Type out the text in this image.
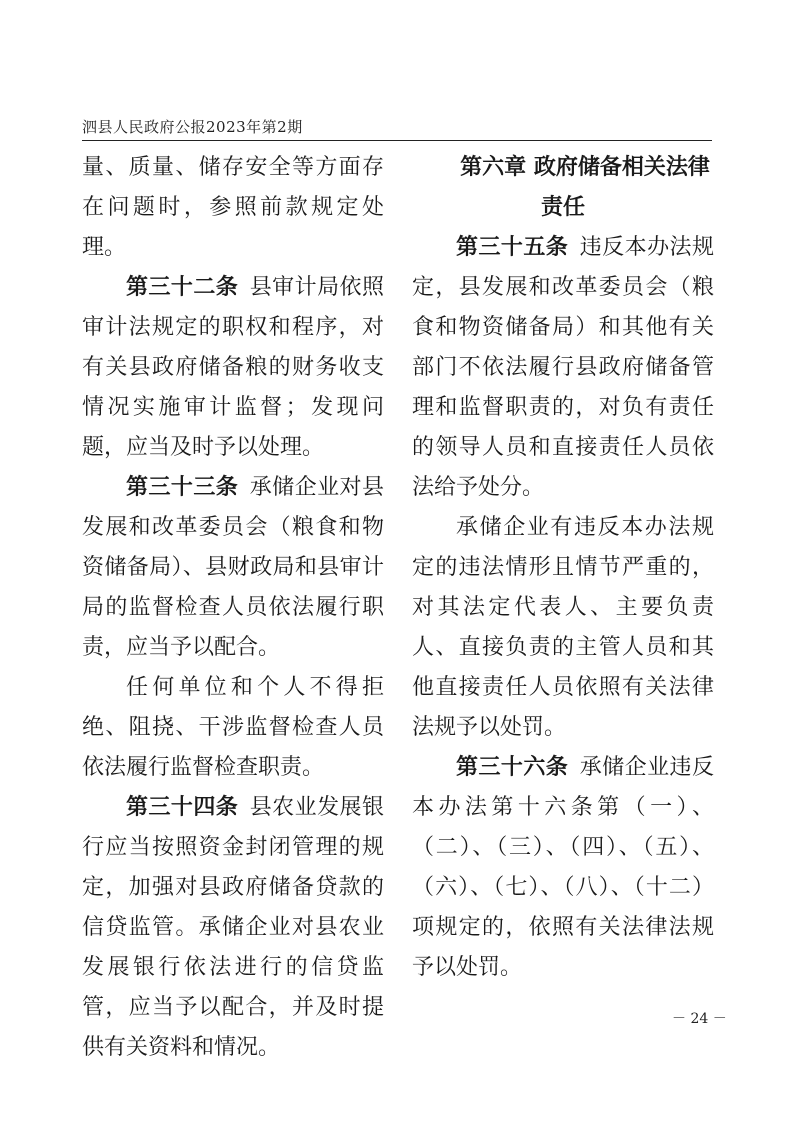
泗县人民政府公报2023年第2期

量、质量、储存安全等方面存在问题时，参照前款规定处理。

第三十二条  县审计局依照审计法规定的职权和程序，对有关县政府储备粮的财务收支情况实施审计监督；发现问题，应当及时予以处理。

第三十三条  承储企业对县发展和改革委员会（粮食和物资储备局）、县财政局和县审计局的监督检查人员依法履行职责，应当予以配合。

任何单位和个人不得拒绝、阻挠、干涉监督检查人员依法履行监督检查职责。

第三十四条  县农业发展银行应当按照资金封闭管理的规定，加强对县政府储备贷款的信贷监管。承储企业对县农业发展银行依法进行的信贷监管，应当予以配合，并及时提供有关资料和情况。

第六章 政府储备相关法律责任

第三十五条  违反本办法规定，县发展和改革委员会（粮食和物资储备局）和其他有关部门不依法履行县政府储备管理和监督职责的，对负有责任的领导人员和直接责任人员依法给予处分。

承储企业有违反本办法规定的违法情形且情节严重的，对其法定代表人、主要负责人、直接负责的主管人员和其他直接责任人员依照有关法律法规予以处罚。

第三十六条  承储企业违反本办法第十六条第（一）、（二）、（三）、（四）、（五）、（六）、（七）、（八）、（十二）项规定的，依照有关法律法规予以处罚。

－ 24 －
